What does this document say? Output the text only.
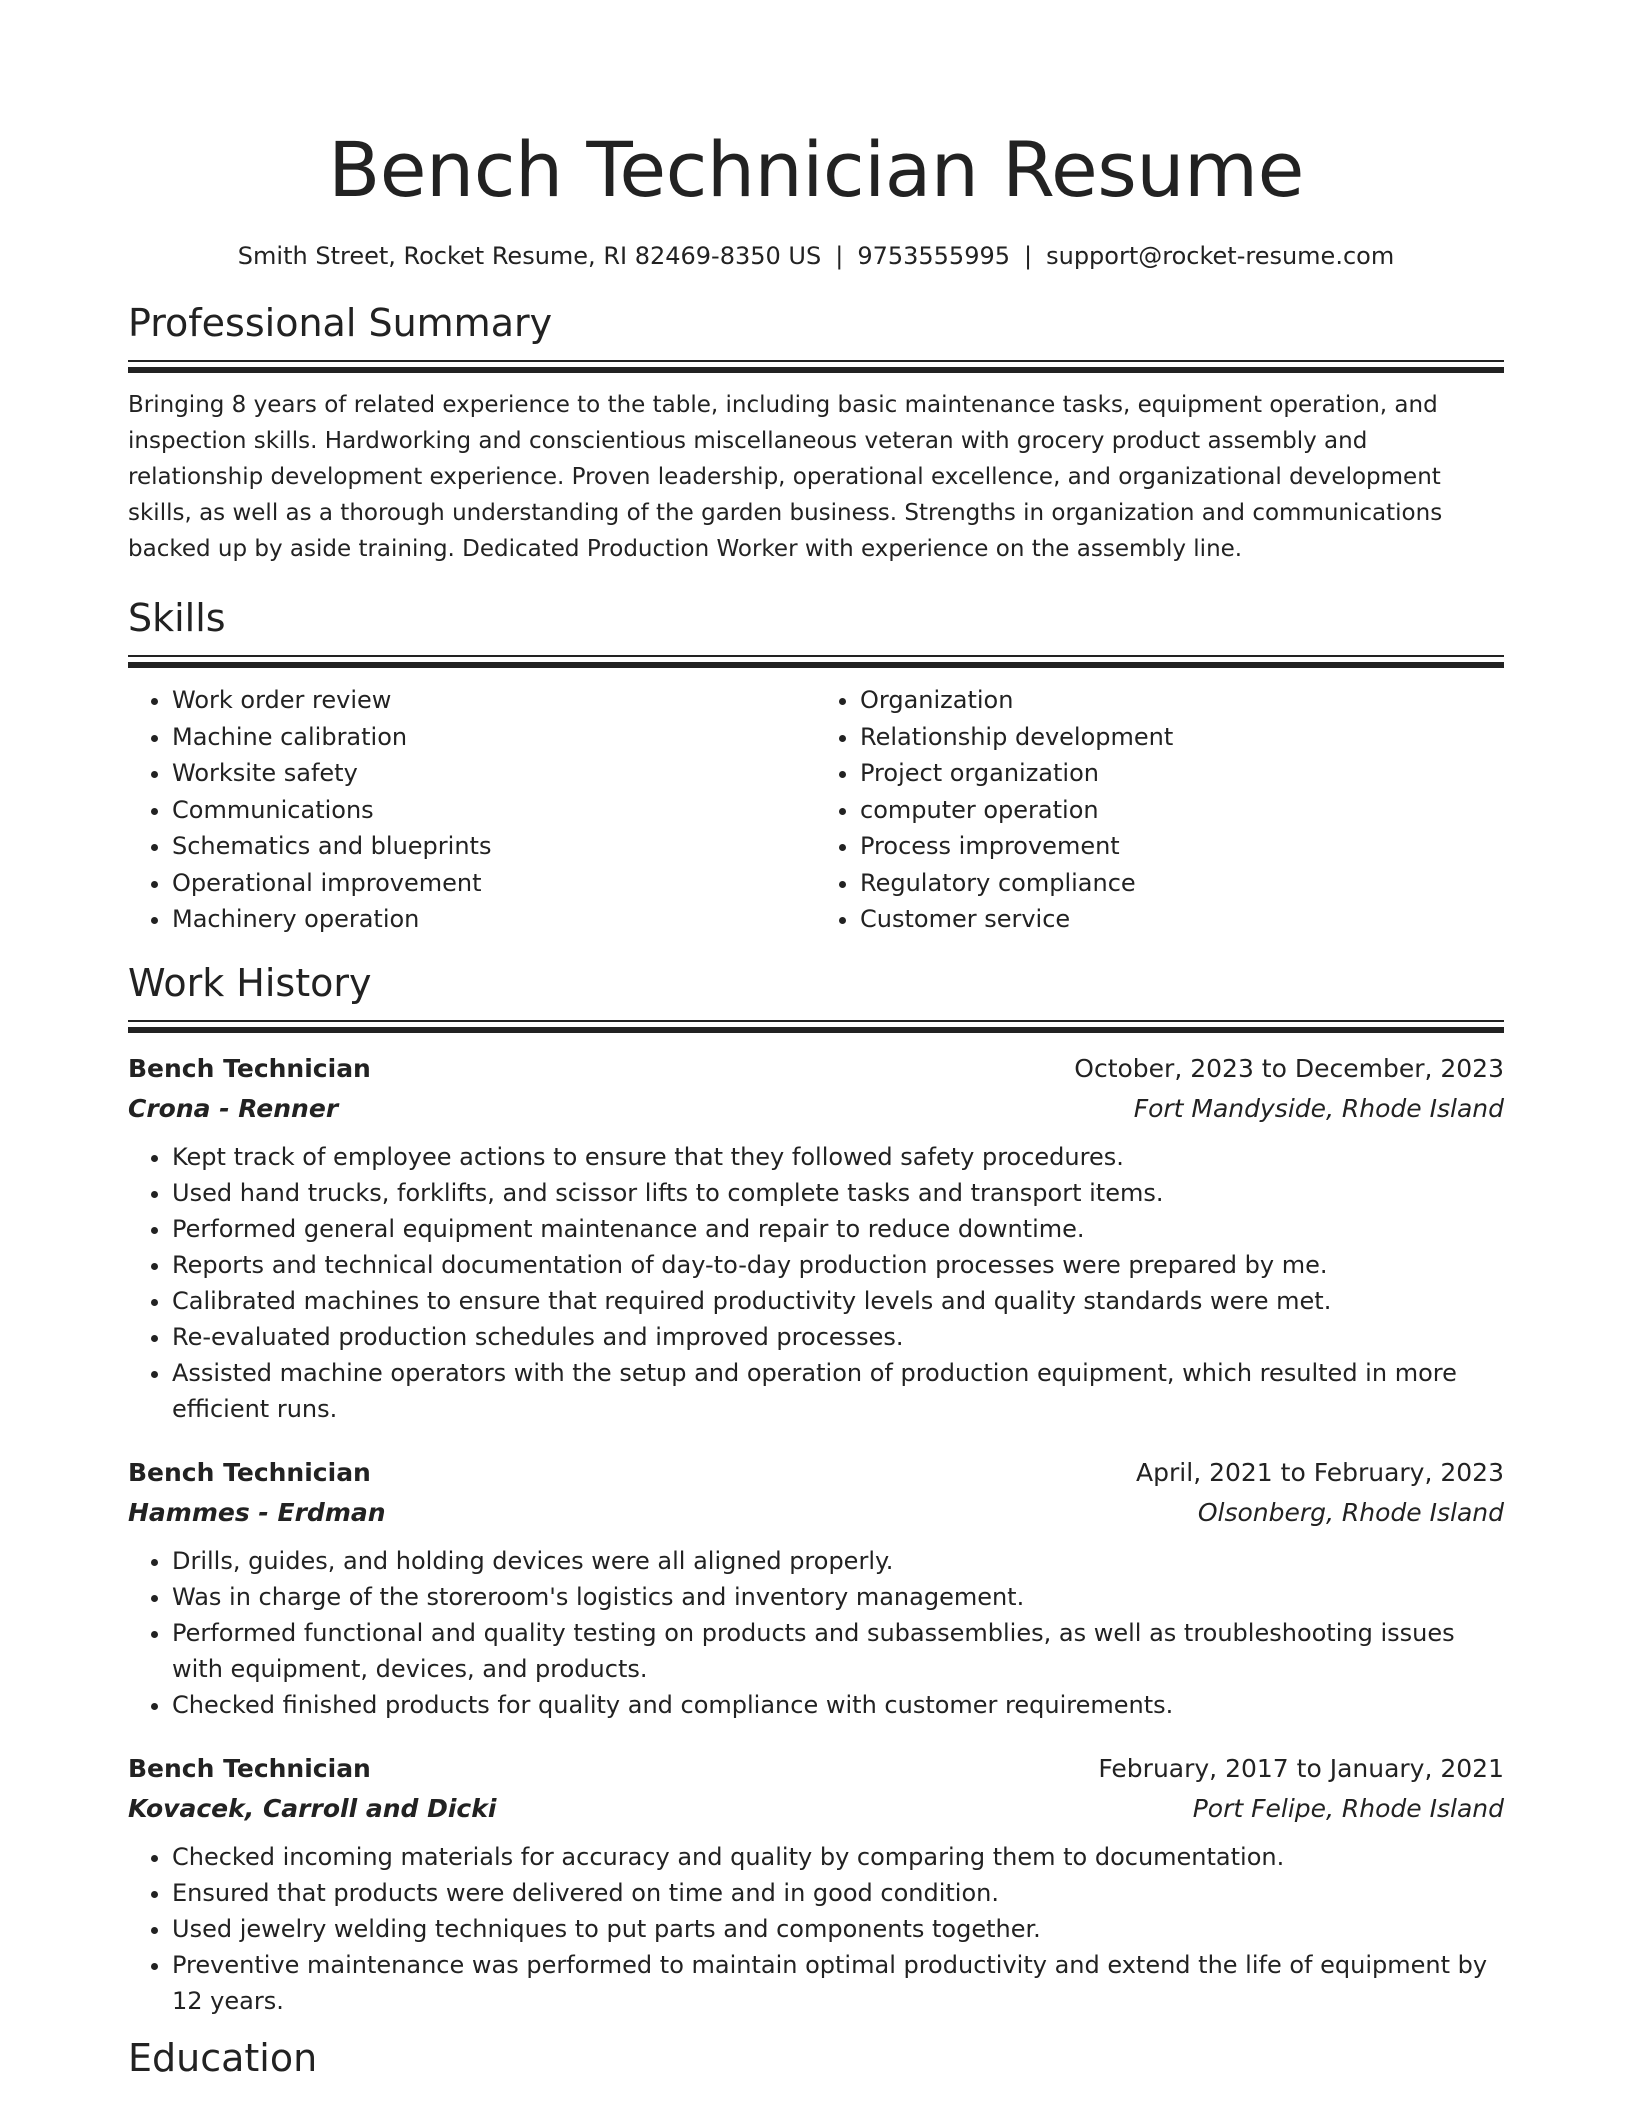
Bench Technician Resume
Smith Street, Rocket Resume, RI 82469-8350 US | 9753555995 | support@rocket-resume.com
Professional Summary
Bringing 8 years of related experience to the table, including basic maintenance tasks, equipment operation, and inspection skills. Hardworking and conscientious miscellaneous veteran with grocery product assembly and relationship development experience. Proven leadership, operational excellence, and organizational development skills, as well as a thorough understanding of the garden business. Strengths in organization and communications backed up by aside training. Dedicated Production Worker with experience on the assembly line.
Skills
• Work order review
• Machine calibration
• Worksite safety
• Communications
• Schematics and blueprints
• Operational improvement
• Machinery operation
• Organization
• Relationship development
• Project organization
• computer operation
• Process improvement
• Regulatory compliance
• Customer service
Work History
Bench Technician	October, 2023 to December, 2023
Crona - Renner	Fort Mandyside, Rhode Island
• Kept track of employee actions to ensure that they followed safety procedures.
• Used hand trucks, forklifts, and scissor lifts to complete tasks and transport items.
• Performed general equipment maintenance and repair to reduce downtime.
• Reports and technical documentation of day-to-day production processes were prepared by me.
• Calibrated machines to ensure that required productivity levels and quality standards were met.
• Re-evaluated production schedules and improved processes.
• Assisted machine operators with the setup and operation of production equipment, which resulted in more efficient runs.
Bench Technician	April, 2021 to February, 2023
Hammes - Erdman	Olsonberg, Rhode Island
• Drills, guides, and holding devices were all aligned properly.
• Was in charge of the storeroom's logistics and inventory management.
• Performed functional and quality testing on products and subassemblies, as well as troubleshooting issues with equipment, devices, and products.
• Checked finished products for quality and compliance with customer requirements.
Bench Technician	February, 2017 to January, 2021
Kovacek, Carroll and Dicki	Port Felipe, Rhode Island
• Checked incoming materials for accuracy and quality by comparing them to documentation.
• Ensured that products were delivered on time and in good condition.
• Used jewelry welding techniques to put parts and components together.
• Preventive maintenance was performed to maintain optimal productivity and extend the life of equipment by 12 years.
Education
